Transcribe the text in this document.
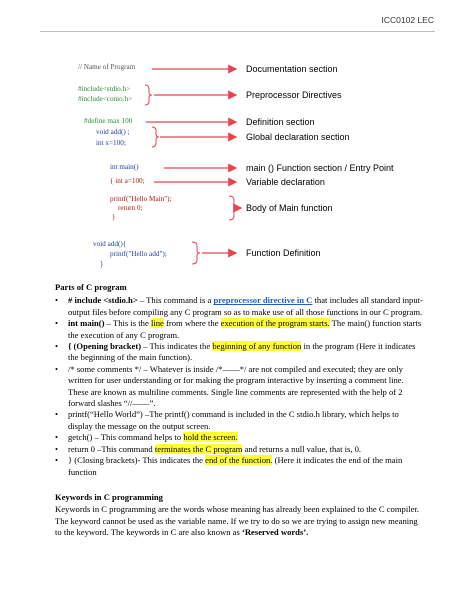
ICC0102 LEC
// Name of Program
#include<stdio.h>
#include<conio.h>
#define max 100
void add() ;
int x=100;
int main()
{ int a=100;
printf("Hello Main");
return 0;
}
void add(){
printf("Hello add");
}
Documentation section
Preprocessor Directives
Definition section
Global declaration section
main () Function section / Entry Point
Variable declaration
Body of Main function
Function Definition
Parts of C program
• # include <stdio.h> – This command is a preprocessor directive in C that includes all standard input-output files before compiling any C program so as to make use of all those functions in our C program.
• int main() – This is the line from where the execution of the program starts. The main() function starts the execution of any C program.
• { (Opening bracket) – This indicates the beginning of any function in the program (Here it indicates the beginning of the main function).
• /* some comments */ – Whatever is inside /*——*/ are not compiled and executed; they are only written for user understanding or for making the program interactive by inserting a comment line. These are known as multiline comments. Single line comments are represented with the help of 2 forward slashes “//——”.
• printf(“Hello World”) –The printf() command is included in the C stdio.h library, which helps to display the message on the output screen.
• getch() – This command helps to hold the screen.
• return 0 –This command terminates the C program and returns a null value, that is, 0.
• } (Closing brackets)- This indicates the end of the function. (Here it indicates the end of the main function
Keywords in C programming

Keywords in C programming are the words whose meaning has already been explained to the C compiler. The keyword cannot be used as the variable name. If we try to do so we are trying to assign new meaning to the keyword. The keywords in C are also known as ‘Reserved words’.
